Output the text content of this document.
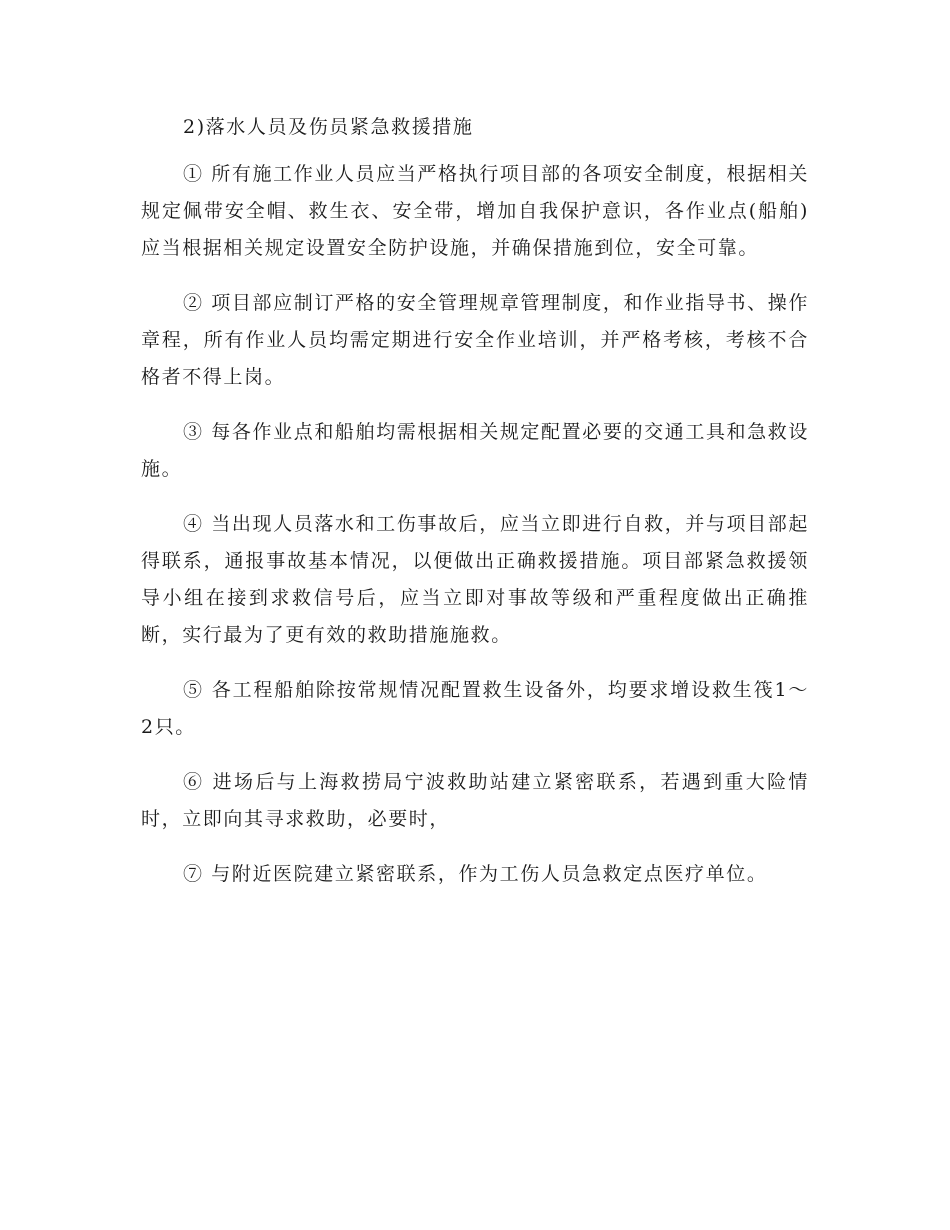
2)落水人员及伤员紧急救援措施

① 所有施工作业人员应当严格执行项目部的各项安全制度，根据相关规定佩带安全帽、救生衣、安全带，增加自我保护意识，各作业点(船舶)应当根据相关规定设置安全防护设施，并确保措施到位，安全可靠。

② 项目部应制订严格的安全管理规章管理制度，和作业指导书、操作章程，所有作业人员均需定期进行安全作业培训，并严格考核，考核不合格者不得上岗。

③ 每各作业点和船舶均需根据相关规定配置必要的交通工具和急救设施。

④ 当出现人员落水和工伤事故后，应当立即进行自救，并与项目部起得联系，通报事故基本情况，以便做出正确救援措施。项目部紧急救援领导小组在接到求救信号后，应当立即对事故等级和严重程度做出正确推断，实行最为了更有效的救助措施施救。

⑤ 各工程船舶除按常规情况配置救生设备外，均要求增设救生筏1～2只。

⑥ 进场后与上海救捞局宁波救助站建立紧密联系，若遇到重大险情时，立即向其寻求救助，必要时，

⑦ 与附近医院建立紧密联系，作为工伤人员急救定点医疗单位。
